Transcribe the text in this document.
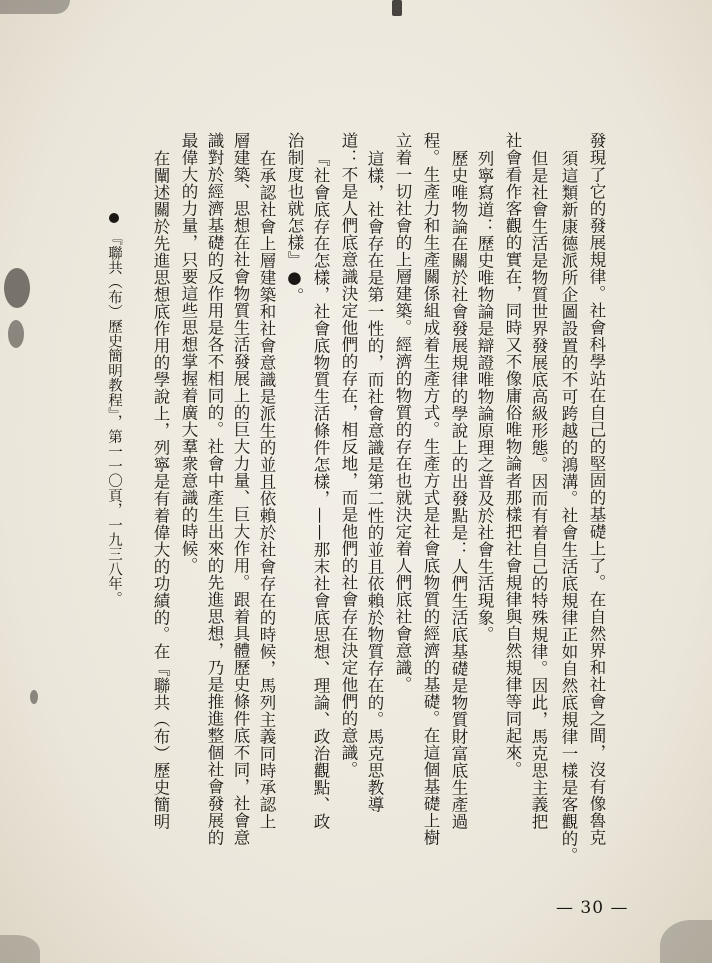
發現了它的發展規律。社會科學站在自己的堅固的基礎上了。在自然界和社會之間，沒有像魯克
須這類新康德派所企圖設置的不可跨越的鴻溝。社會生活底規律正如自然底規律一樣是客觀的。
但是社會生活是物質世界發展底高級形態。因而有着自己的特殊規律。因此，馬克思主義把
社會看作客觀的實在，同時又不像庸俗唯物論者那樣把社會規律與自然規律等同起來。
列寧寫道：歷史唯物論是辯證唯物論原理之普及於社會生活現象。
歷史唯物論在關於社會發展規律的學說上的出發點是：人們生活底基礎是物質財富底生產過
程。生產力和生產關係組成着生產方式。生產方式是社會底物質的經濟的基礎。在這個基礎上樹
立着一切社會的上層建築。經濟的物質的存在也就決定着人們底社會意識。
這樣，社會存在是第一性的，而社會意識是第二性的並且依賴於物質存在的。馬克思教導
道：不是人們底意識決定他們的存在，相反地，而是他們的社會存在決定他們的意識。
『社會底存在怎樣，社會底物質生活條件怎樣，——那末社會底思想、理論、政治觀點、政
治制度也就怎樣』●。
在承認社會上層建築和社會意識是派生的並且依賴於社會存在的時候，馬列主義同時承認上
層建築、思想在社會物質生活發展上的巨大力量、巨大作用。跟着具體歷史條件底不同，社會意
識對於經濟基礎的反作用是各不相同的。社會中產生出來的先進思想，乃是推進整個社會發展的
最偉大的力量，只要這些思想掌握着廣大羣衆意識的時候。
在闡述關於先進思想底作用的學說上，列寧是有着偉大的功績的。在『聯共（布）歷史簡明
『聯共（布）歷史簡明教程』，第一一〇頁，一九三八年。
— 30 —
